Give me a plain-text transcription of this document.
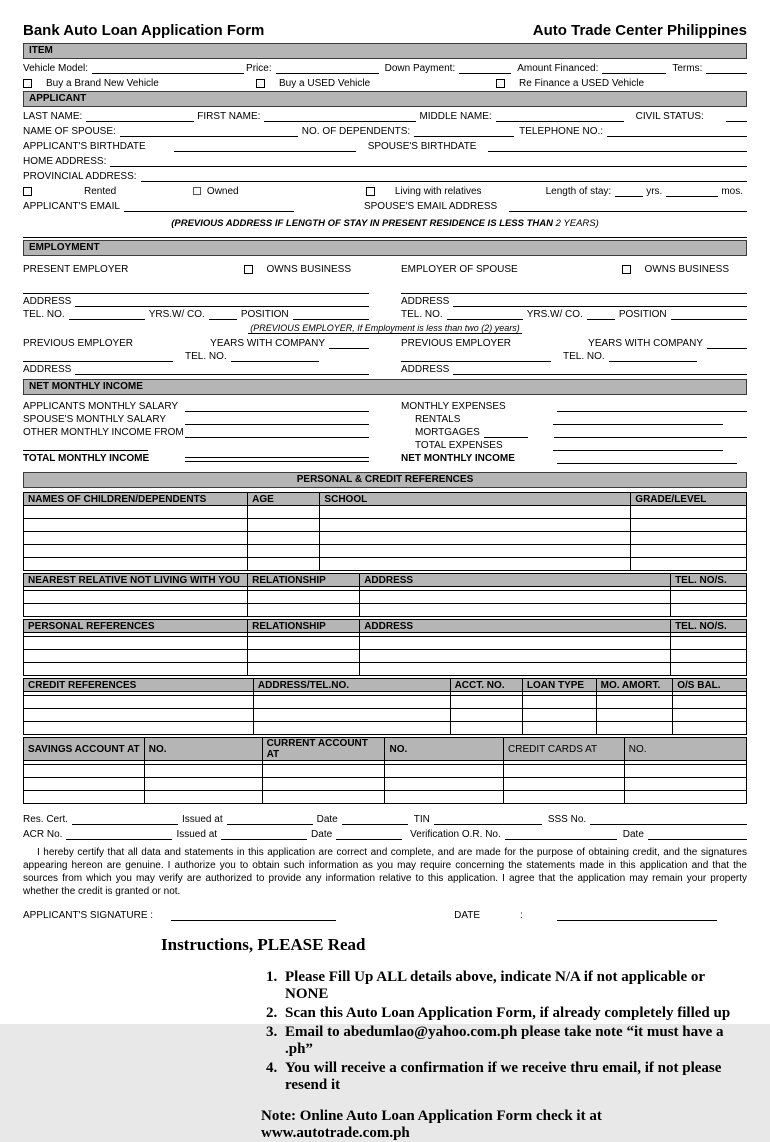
Bank Auto Loan Application Form	Auto Trade Center Philippines
ITEM
Vehicle Model:	Price:	Down Payment:	Amount Financed:	Terms:
Buy a Brand New Vehicle	Buy a USED Vehicle	Re Finance a USED Vehicle
APPLICANT
LAST NAME:	FIRST NAME:	MIDDLE NAME:	CIVIL STATUS:
NAME OF SPOUSE:	NO. OF DEPENDENTS:	TELEPHONE NO.:
APPLICANT'S BIRTHDATE	SPOUSE'S BIRTHDATE
HOME ADDRESS:
PROVINCIAL ADDRESS:
Rented	Owned	Living with relatives	Length of stay:	yrs.	mos.
APPLICANT'S EMAIL	SPOUSE'S EMAIL ADDRESS
(PREVIOUS ADDRESS IF LENGTH OF STAY IN PRESENT RESIDENCE IS LESS THAN 2 YEARS)
EMPLOYMENT
PRESENT EMPLOYER	OWNS BUSINESS
ADDRESS
TEL. NO.	YRS.W/ CO.	POSITION
EMPLOYER OF SPOUSE	OWNS BUSINESS
ADDRESS
TEL. NO.	YRS.W/ CO.	POSITION
(PREVIOUS EMPLOYER, If Employment is less than two (2) years)
PREVIOUS EMPLOYER	YEARS WITH COMPANY
TEL. NO.
ADDRESS
PREVIOUS EMPLOYER	YEARS WITH COMPANY
TEL. NO.
ADDRESS
NET MONTHLY INCOME
APPLICANTS MONTHLY SALARY
SPOUSE'S MONTHLY SALARY
OTHER MONTHLY INCOME FROM
TOTAL MONTHLY INCOME
MONTHLY EXPENSES
RENTALS
MORTGAGES
TOTAL EXPENSES
NET MONTHLY INCOME
PERSONAL & CREDIT REFERENCES
NAMES OF CHILDREN/DEPENDENTS	AGE	SCHOOL	GRADE/LEVEL

NEAREST RELATIVE NOT LIVING WITH YOU	RELATIONSHIP	ADDRESS	TEL. NO/S.

PERSONAL REFERENCES	RELATIONSHIP	ADDRESS	TEL. NO/S.

CREDIT REFERENCES	ADDRESS/TEL.NO.	ACCT. NO.	LOAN TYPE	MO. AMORT.	O/S BAL.

SAVINGS ACCOUNT AT	NO.	CURRENT ACCOUNT AT	NO.	CREDIT CARDS AT	NO.

Res. Cert.	Issued at	Date	TIN	SSS No.
ACR No.	Issued at	Date	Verification O.R. No.	Date
I hereby certify that all data and statements in this application are correct and complete, and are made for the purpose of obtaining credit, and the signatures appearing hereon are genuine. I authorize you to obtain such information as you may require concerning the statements made in this application and that the sources from which you may verify are authorized to provide any information relative to this application. I agree that the application may remain your property whether the credit is granted or not.
APPLICANT'S SIGNATURE :	DATE	:
Instructions, PLEASE Read
1. Please Fill Up ALL details above, indicate N/A if not applicable or NONE
2. Scan this Auto Loan Application Form, if already completely filled up
3. Email to abedumlao@yahoo.com.ph please take note “it must have a .ph”
4. You will receive a confirmation if we receive thru email, if not please resend it
Note: Online Auto Loan Application Form check it at www.autotrade.com.ph
